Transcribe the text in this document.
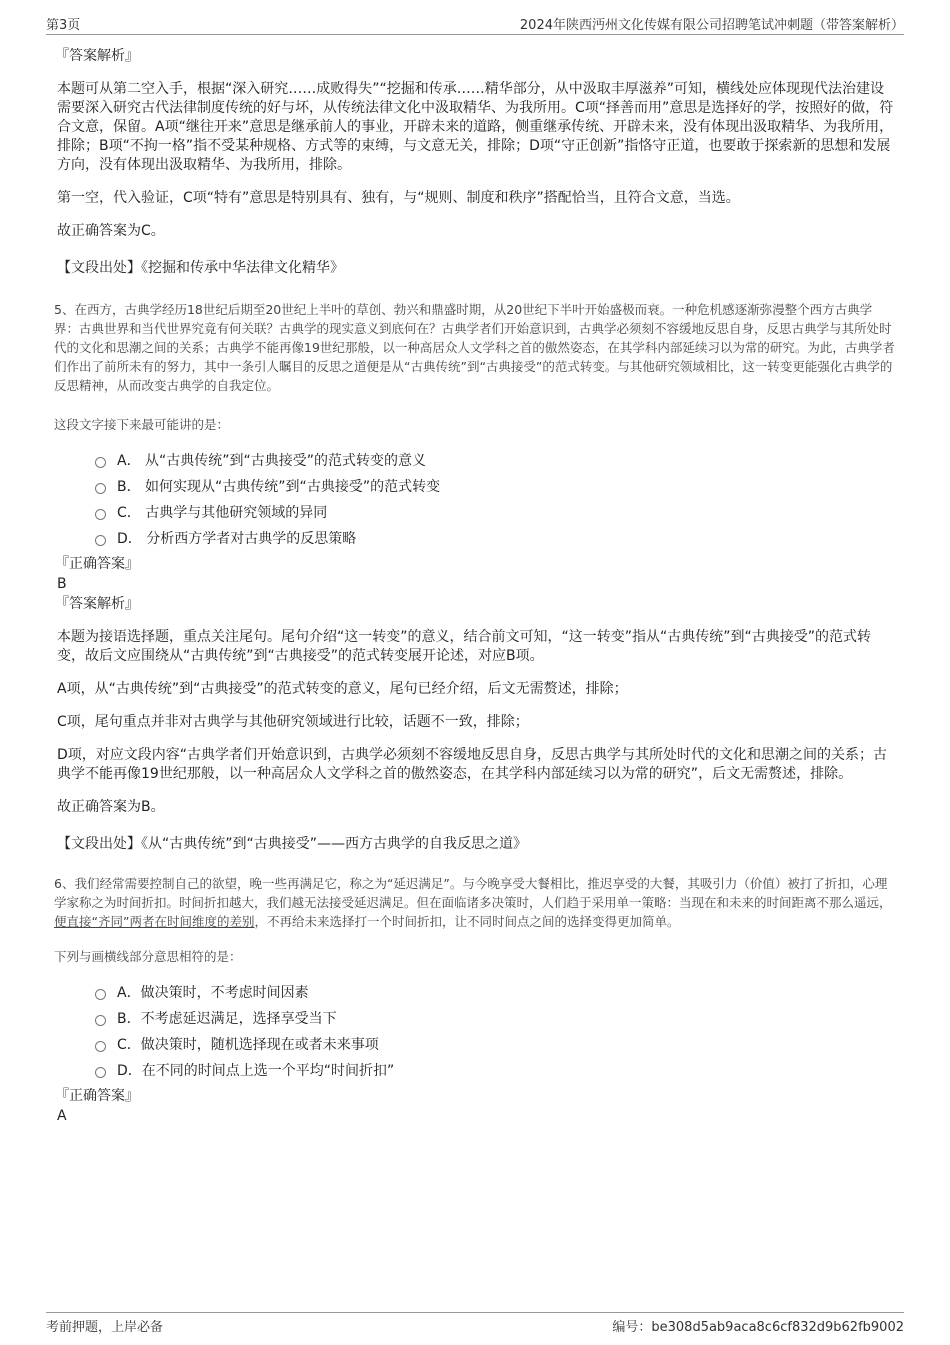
第3页	2024年陕西沔州文化传媒有限公司招聘笔试冲刺题（带答案解析）
『答案解析』

本题可从第二空入手，根据“深入研究……成败得失”“挖掘和传承……精华部分，从中汲取丰厚滋养”可知，横线处应体现现代法治建设需要深入研究古代法律制度传统的好与坏，从传统法律文化中汲取精华、为我所用。C项“择善而用”意思是选择好的学，按照好的做，符合文意，保留。A项“继往开来”意思是继承前人的事业，开辟未来的道路，侧重继承传统、开辟未来，没有体现出汲取精华、为我所用，排除；B项“不拘一格”指不受某种规格、方式等的束缚，与文意无关，排除；D项“守正创新”指恪守正道，也要敢于探索新的思想和发展方向，没有体现出汲取精华、为我所用，排除。

第一空，代入验证，C项“特有”意思是特别具有、独有，与“规则、制度和秩序”搭配恰当，且符合文意，当选。

故正确答案为C。

【文段出处】《挖掘和传承中华法律文化精华》

5、在西方，古典学经历18世纪后期至20世纪上半叶的草创、勃兴和鼎盛时期，从20世纪下半叶开始盛极而衰。一种危机感逐渐弥漫整个西方古典学界：古典世界和当代世界究竟有何关联？古典学的现实意义到底何在？古典学者们开始意识到，古典学必须刻不容缓地反思自身，反思古典学与其所处时代的文化和思潮之间的关系；古典学不能再像19世纪那般，以一种高居众人文学科之首的傲然姿态，在其学科内部延续习以为常的研究。为此，古典学者们作出了前所未有的努力，其中一条引人瞩目的反思之道便是从“古典传统”到“古典接受”的范式转变。与其他研究领域相比，这一转变更能强化古典学的反思精神，从而改变古典学的自我定位。

这段文字接下来最可能讲的是：

A． 从“古典传统”到“古典接受”的范式转变的意义
B． 如何实现从“古典传统”到“古典接受”的范式转变
C． 古典学与其他研究领域的异同
D． 分析西方学者对古典学的反思策略
『正确答案』
B
『答案解析』

本题为接语选择题，重点关注尾句。尾句介绍“这一转变”的意义，结合前文可知，“这一转变”指从“古典传统”到“古典接受”的范式转变，故后文应围绕从“古典传统”到“古典接受”的范式转变展开论述，对应B项。

A项，从“古典传统”到“古典接受”的范式转变的意义，尾句已经介绍，后文无需赘述，排除；

C项，尾句重点并非对古典学与其他研究领域进行比较，话题不一致，排除；

D项，对应文段内容“古典学者们开始意识到，古典学必须刻不容缓地反思自身，反思古典学与其所处时代的文化和思潮之间的关系；古典学不能再像19世纪那般，以一种高居众人文学科之首的傲然姿态，在其学科内部延续习以为常的研究”，后文无需赘述，排除。

故正确答案为B。

【文段出处】《从“古典传统”到“古典接受”——西方古典学的自我反思之道》

6、我们经常需要控制自己的欲望，晚一些再满足它，称之为“延迟满足”。与今晚享受大餐相比，推迟享受的大餐，其吸引力（价值）被打了折扣，心理学家称之为时间折扣。时间折扣越大，我们越无法接受延迟满足。但在面临诸多决策时，人们趋于采用单一策略：当现在和未来的时间距离不那么遥远，便直接“齐同”两者在时间维度的差别，不再给未来选择打一个时间折扣，让不同时间点之间的选择变得更加简单。

下列与画横线部分意思相符的是：

A．做决策时，不考虑时间因素
B．不考虑延迟满足，选择享受当下
C．做决策时，随机选择现在或者未来事项
D．在不同的时间点上选一个平均“时间折扣”
『正确答案』
A
考前押题，上岸必备	编号：be308d5ab9aca8c6cf832d9b62fb9002
